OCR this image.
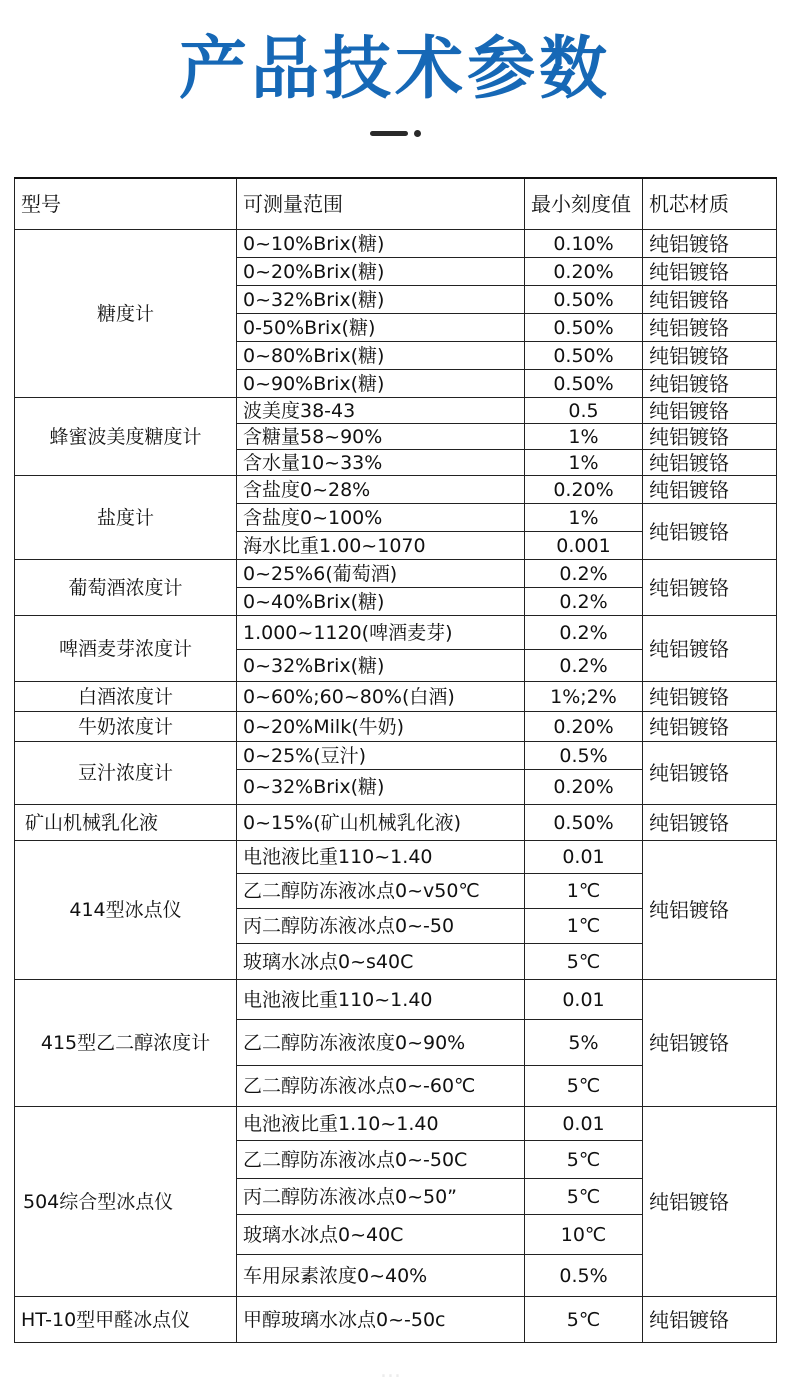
产品技术参数
型号	可测量范围	最小刻度值	机芯材质
糖度计	0~10%Brix(糖)	0.10%	纯铝镀铬
	0~20%Brix(糖)	0.20%	纯铝镀铬
	0~32%Brix(糖)	0.50%	纯铝镀铬
	0-50%Brix(糖)	0.50%	纯铝镀铬
	0~80%Brix(糖)	0.50%	纯铝镀铬
	0~90%Brix(糖)	0.50%	纯铝镀铬
蜂蜜波美度糖度计	波美度38-43	0.5	纯铝镀铬
	含糖量58~90%	1%	纯铝镀铬
	含水量10~33%	1%	纯铝镀铬
盐度计	含盐度0~28%	0.20%	纯铝镀铬
	含盐度0~100%	1%	纯铝镀铬
	海水比重1.00~1070	0.001	
葡萄酒浓度计	0~25%6(葡萄酒)	0.2%	纯铝镀铬
	0~40%Brix(糖)	0.2%	
啤酒麦芽浓度计	1.000~1120(啤酒麦芽)	0.2%	纯铝镀铬
	0~32%Brix(糖)	0.2%	
白酒浓度计	0~60%;60~80%(白酒)	1%;2%	纯铝镀铬
牛奶浓度计	0~20%Milk(牛奶)	0.20%	纯铝镀铬
豆汁浓度计	0~25%(豆汁)	0.5%	纯铝镀铬
	0~32%Brix(糖)	0.20%	
矿山机械乳化液	0~15%(矿山机械乳化液)	0.50%	纯铝镀铬
414型冰点仪	电池液比重110~1.40	0.01	纯铝镀铬
	乙二醇防冻液冰点0~v50℃	1℃	
	丙二醇防冻液冰点0~-50	1℃	
	玻璃水冰点0~s40C	5℃	
415型乙二醇浓度计	电池液比重110~1.40	0.01	纯铝镀铬
	乙二醇防冻液浓度0~90%	5%	
	乙二醇防冻液冰点0~-60℃	5℃	
504综合型冰点仪	电池液比重1.10~1.40	0.01	纯铝镀铬
	乙二醇防冻液冰点0~-50C	5℃	
	丙二醇防冻液冰点0~50”	5℃	
	玻璃水冰点0~40C	10℃	
	车用尿素浓度0~40%	0.5%	
HT-10型甲醛冰点仪	甲醇玻璃水冰点0~-50c	5℃	纯铝镀铬
...
